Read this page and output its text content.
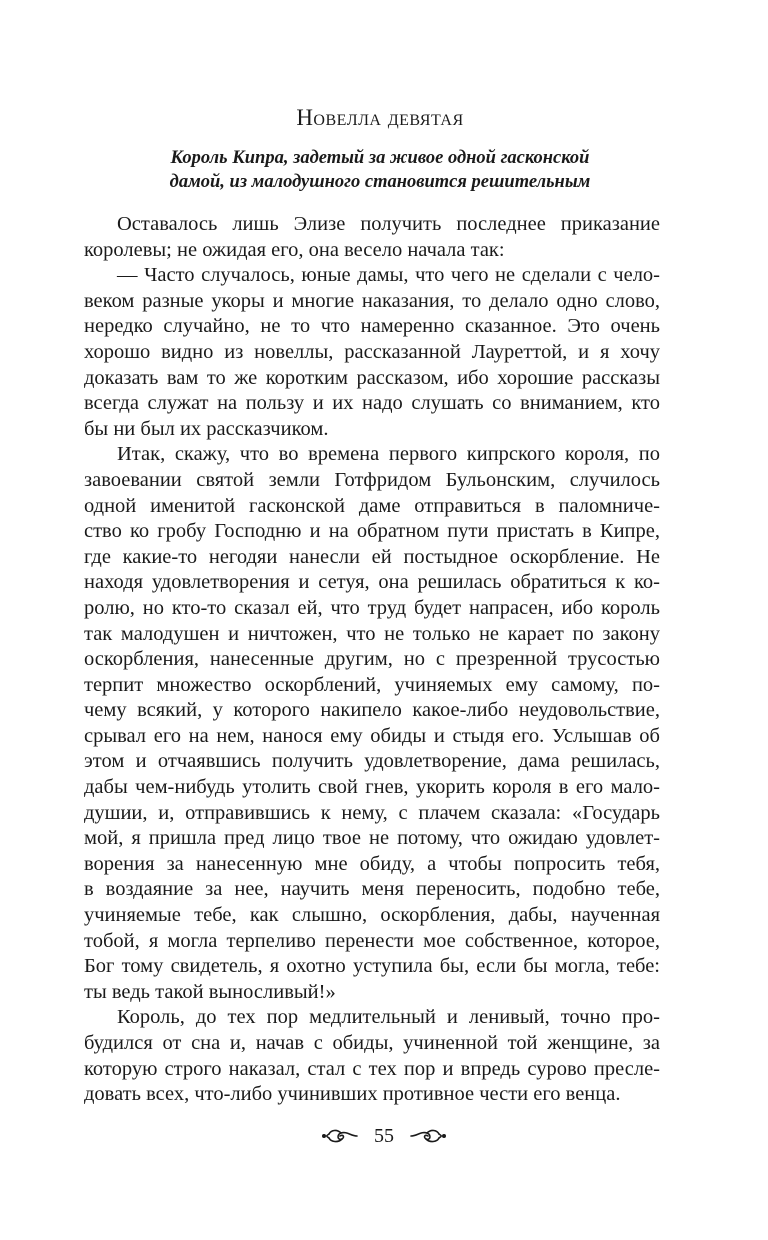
Новелла девятая
Король Кипра, задетый за живое одной гасконской
дамой, из малодушного становится решительным
Оставалось лишь Элизе получить последнее приказание
королевы; не ожидая его, она весело начала так:
— Часто случалось, юные дамы, что чего не сделали с чело-
веком разные укоры и многие наказания, то делало одно слово,
нередко случайно, не то что намеренно сказанное. Это очень
хорошо видно из новеллы, рассказанной Лауреттой, и я хочу
доказать вам то же коротким рассказом, ибо хорошие рассказы
всегда служат на пользу и их надо слушать со вниманием, кто
бы ни был их рассказчиком.
Итак, скажу, что во времена первого кипрского короля, по
завоевании святой земли Готфридом Бульонским, случилось
одной именитой гасконской даме отправиться в паломниче-
ство ко гробу Господню и на обратном пути пристать в Кипре,
где какие-то негодяи нанесли ей постыдное оскорбление. Не
находя удовлетворения и сетуя, она решилась обратиться к ко-
ролю, но кто-то сказал ей, что труд будет напрасен, ибо король
так малодушен и ничтожен, что не только не карает по закону
оскорбления, нанесенные другим, но с презренной трусостью
терпит множество оскорблений, учиняемых ему самому, по-
чему всякий, у которого накипело какое-либо неудовольствие,
срывал его на нем, нанося ему обиды и стыдя его. Услышав об
этом и отчаявшись получить удовлетворение, дама решилась,
дабы чем-нибудь утолить свой гнев, укорить короля в его мало-
душии, и, отправившись к нему, с плачем сказала: «Государь
мой, я пришла пред лицо твое не потому, что ожидаю удовлет-
ворения за нанесенную мне обиду, а чтобы попросить тебя,
в воздаяние за нее, научить меня переносить, подобно тебе,
учиняемые тебе, как слышно, оскорбления, дабы, наученная
тобой, я могла терпеливо перенести мое собственное, которое,
Бог тому свидетель, я охотно уступила бы, если бы могла, тебе:
ты ведь такой выносливый!»
Король, до тех пор медлительный и ленивый, точно про-
будился от сна и, начав с обиды, учиненной той женщине, за
которую строго наказал, стал с тех пор и впредь сурово пресле-
довать всех, что-либо учинивших противное чести его венца.
55
